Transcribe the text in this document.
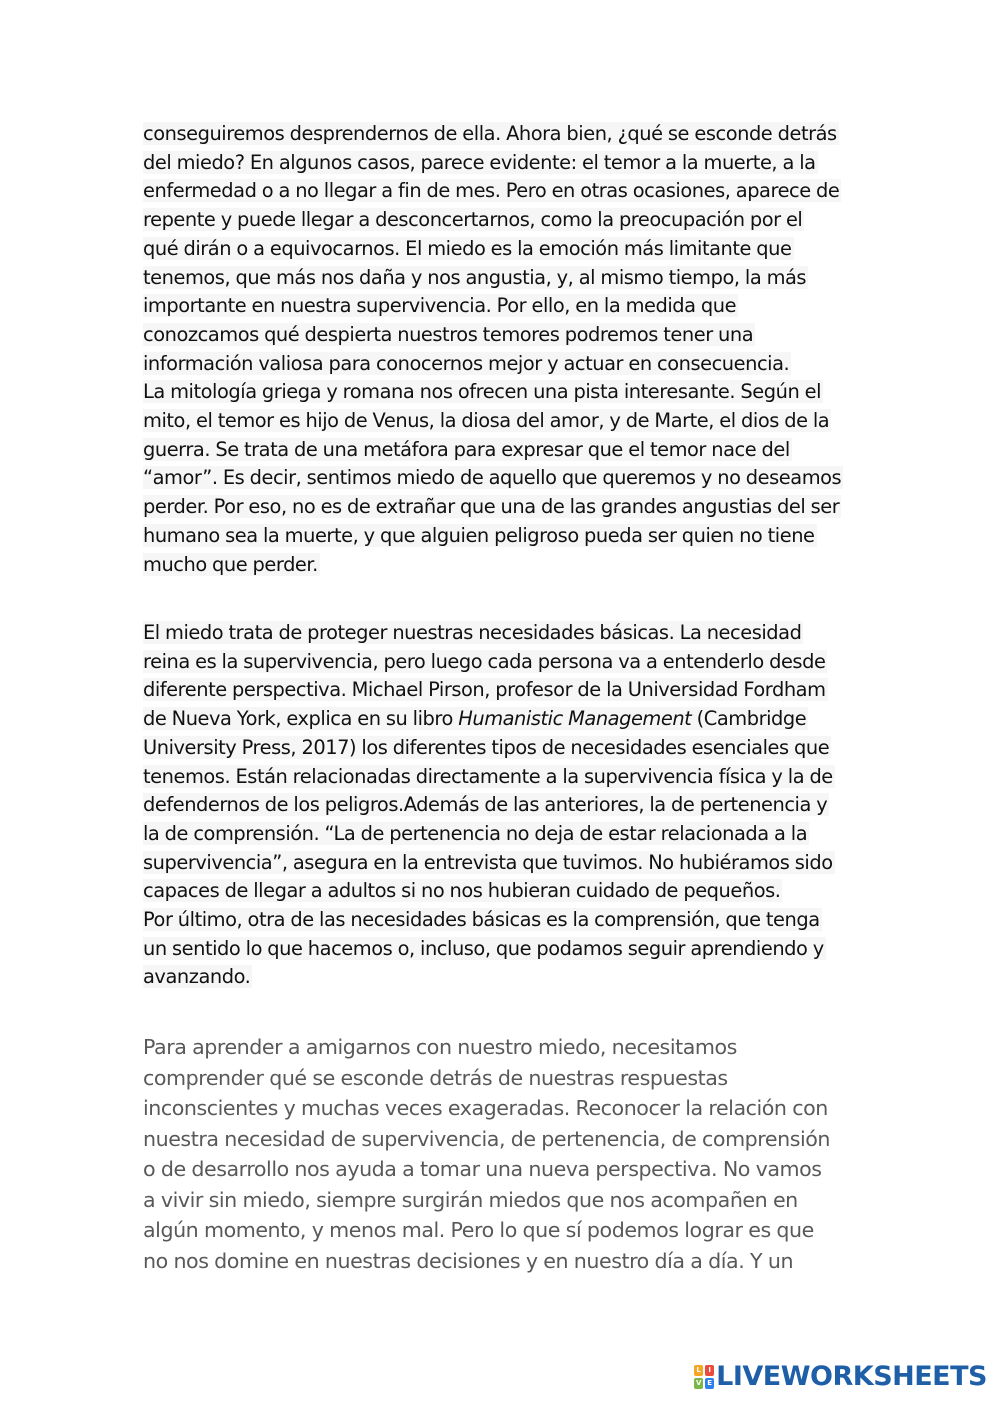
conseguiremos desprendernos de ella. Ahora bien, ¿qué se esconde detrás
del miedo? En algunos casos, parece evidente: el temor a la muerte, a la
enfermedad o a no llegar a fin de mes. Pero en otras ocasiones, aparece de
repente y puede llegar a desconcertarnos, como la preocupación por el
qué dirán o a equivocarnos. El miedo es la emoción más limitante que
tenemos, que más nos daña y nos angustia, y, al mismo tiempo, la más
importante en nuestra supervivencia. Por ello, en la medida que
conozcamos qué despierta nuestros temores podremos tener una
información valiosa para conocernos mejor y actuar en consecuencia.
La mitología griega y romana nos ofrecen una pista interesante. Según el
mito, el temor es hijo de Venus, la diosa del amor, y de Marte, el dios de la
guerra. Se trata de una metáfora para expresar que el temor nace del
“amor”. Es decir, sentimos miedo de aquello que queremos y no deseamos
perder. Por eso, no es de extrañar que una de las grandes angustias del ser
humano sea la muerte, y que alguien peligroso pueda ser quien no tiene
mucho que perder.
El miedo trata de proteger nuestras necesidades básicas. La necesidad
reina es la supervivencia, pero luego cada persona va a entenderlo desde
diferente perspectiva. Michael Pirson, profesor de la Universidad Fordham
de Nueva York, explica en su libro Humanistic Management (Cambridge
University Press, 2017) los diferentes tipos de necesidades esenciales que
tenemos. Están relacionadas directamente a la supervivencia física y la de
defendernos de los peligros.Además de las anteriores, la de pertenencia y
la de comprensión. “La de pertenencia no deja de estar relacionada a la
supervivencia”, asegura en la entrevista que tuvimos. No hubiéramos sido
capaces de llegar a adultos si no nos hubieran cuidado de pequeños.
Por último, otra de las necesidades básicas es la comprensión, que tenga
un sentido lo que hacemos o, incluso, que podamos seguir aprendiendo y
avanzando.
Para aprender a amigarnos con nuestro miedo, necesitamos
comprender qué se esconde detrás de nuestras respuestas
inconscientes y muchas veces exageradas. Reconocer la relación con
nuestra necesidad de supervivencia, de pertenencia, de comprensión
o de desarrollo nos ayuda a tomar una nueva perspectiva. No vamos
a vivir sin miedo, siempre surgirán miedos que nos acompañen en
algún momento, y menos mal. Pero lo que sí podemos lograr es que
no nos domine en nuestras decisiones y en nuestro día a día. Y un
L	I
V E LIVEWORKSHEETS
